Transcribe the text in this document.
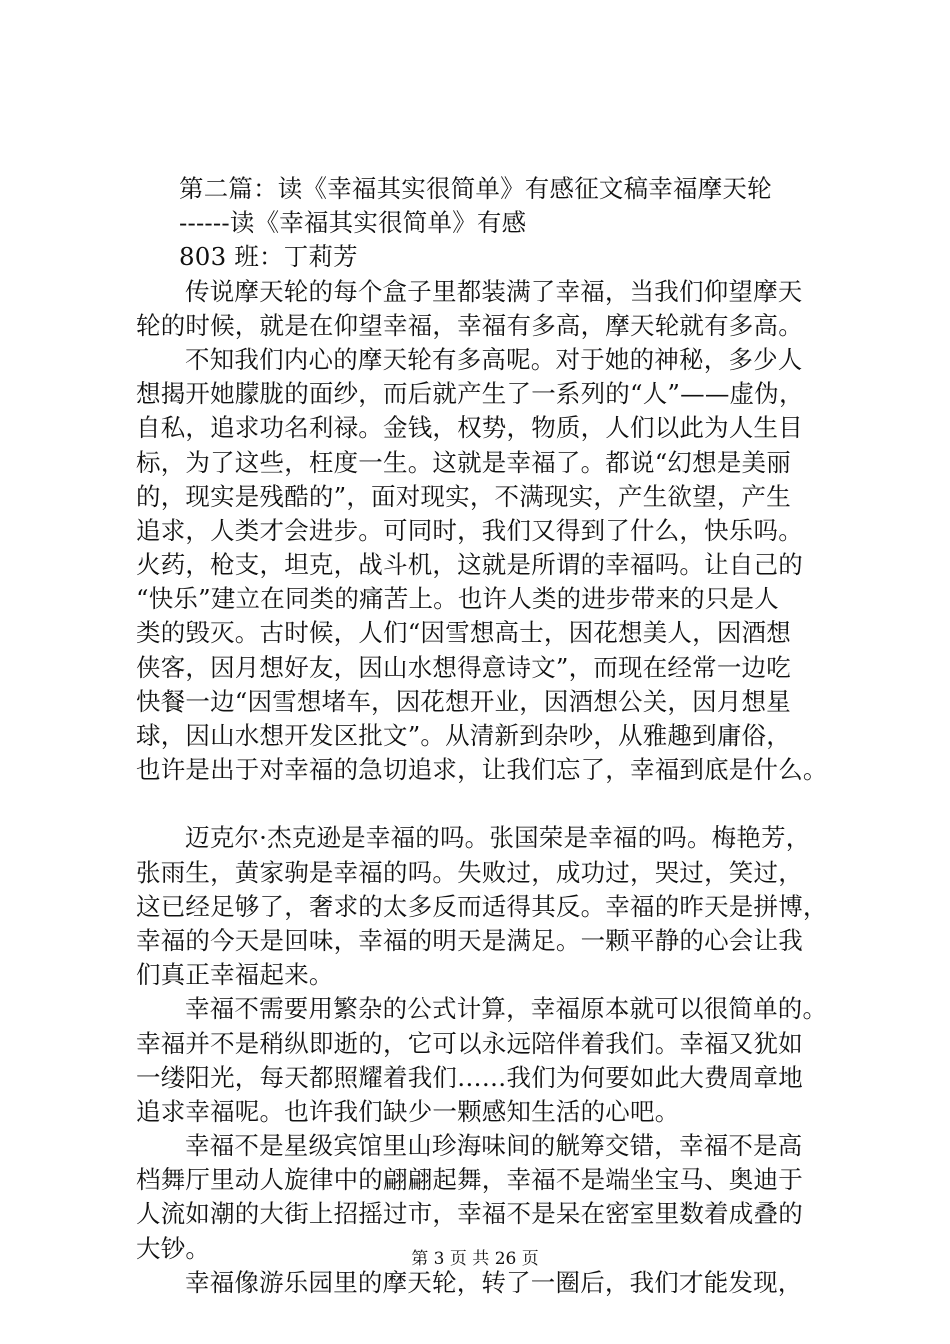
第二篇：读《幸福其实很简单》有感征文稿幸福摩天轮
------读《幸福其实很简单》有感
803 班：丁莉芳
传说摩天轮的每个盒子里都装满了幸福，当我们仰望摩天
轮的时候，就是在仰望幸福，幸福有多高，摩天轮就有多高。
不知我们内心的摩天轮有多高呢。对于她的神秘，多少人
想揭开她朦胧的面纱，而后就产生了一系列的“人”——虚伪，
自私，追求功名利禄。金钱，权势，物质，人们以此为人生目
标，为了这些，枉度一生。这就是幸福了。都说“幻想是美丽
的，现实是残酷的”，面对现实，不满现实，产生欲望，产生
追求，人类才会进步。可同时，我们又得到了什么，快乐吗。
火药，枪支，坦克，战斗机，这就是所谓的幸福吗。让自己的
“快乐”建立在同类的痛苦上。也许人类的进步带来的只是人
类的毁灭。古时候，人们“因雪想高士，因花想美人，因酒想
侠客，因月想好友，因山水想得意诗文”，而现在经常一边吃
快餐一边“因雪想堵车，因花想开业，因酒想公关，因月想星
球，因山水想开发区批文”。从清新到杂吵，从雅趣到庸俗，
也许是出于对幸福的急切追求，让我们忘了，幸福到底是什么。
迈克尔·杰克逊是幸福的吗。张国荣是幸福的吗。梅艳芳，
张雨生，黄家驹是幸福的吗。失败过，成功过，哭过，笑过，
这已经足够了，奢求的太多反而适得其反。幸福的昨天是拼博，
幸福的今天是回味，幸福的明天是满足。一颗平静的心会让我
们真正幸福起来。
幸福不需要用繁杂的公式计算，幸福原本就可以很简单的。
幸福并不是稍纵即逝的，它可以永远陪伴着我们。幸福又犹如
一缕阳光，每天都照耀着我们……我们为何要如此大费周章地
追求幸福呢。也许我们缺少一颗感知生活的心吧。
幸福不是星级宾馆里山珍海味间的觥筹交错，幸福不是高
档舞厅里动人旋律中的翩翩起舞，幸福不是端坐宝马、奥迪于
人流如潮的大街上招摇过市，幸福不是呆在密室里数着成叠的
大钞。
幸福像游乐园里的摩天轮，转了一圈后，我们才能发现，
第 3 页 共 26 页
